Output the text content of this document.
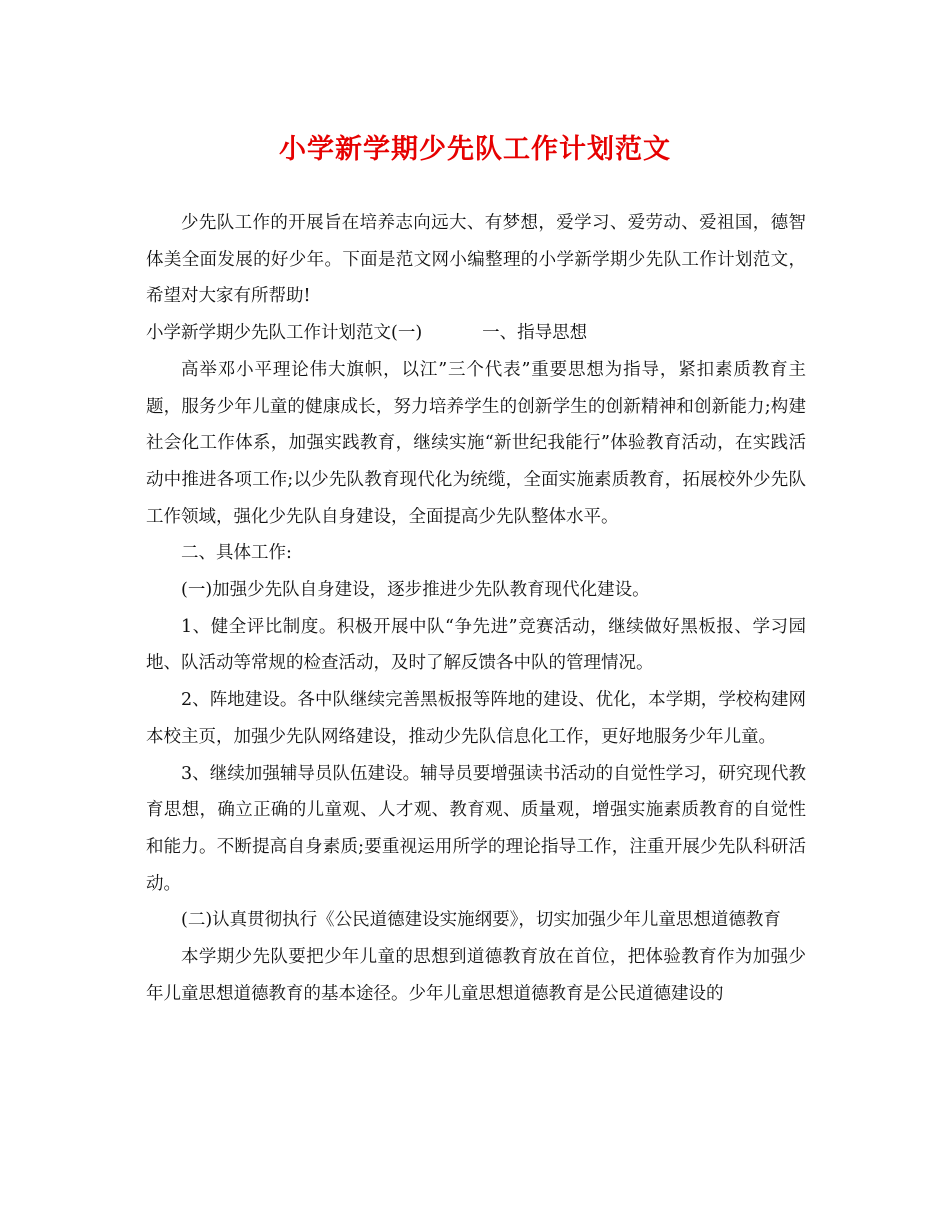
小学新学期少先队工作计划范文

少先队工作的开展旨在培养志向远大、有梦想，爱学习、爱劳动、爱祖国，德智体美全面发展的好少年。下面是范文网小编整理的小学新学期少先队工作计划范文，希望对大家有所帮助!

小学新学期少先队工作计划范文(一)	一、指导思想

高举邓小平理论伟大旗帜，以江”三个代表”重要思想为指导，紧扣素质教育主题，服务少年儿童的健康成长，努力培养学生的创新学生的创新精神和创新能力;构建社会化工作体系，加强实践教育，继续实施“新世纪我能行”体验教育活动，在实践活动中推进各项工作;以少先队教育现代化为统缆，全面实施素质教育，拓展校外少先队工作领域，强化少先队自身建设，全面提高少先队整体水平。

二、具体工作:

(一)加强少先队自身建设，逐步推进少先队教育现代化建设。

1、健全评比制度。积极开展中队“争先进”竞赛活动，继续做好黑板报、学习园地、队活动等常规的检查活动，及时了解反馈各中队的管理情况。

2、阵地建设。各中队继续完善黑板报等阵地的建设、优化，本学期，学校构建网本校主页，加强少先队网络建设，推动少先队信息化工作，更好地服务少年儿童。

3、继续加强辅导员队伍建设。辅导员要增强读书活动的自觉性学习，研究现代教育思想，确立正确的儿童观、人才观、教育观、质量观，增强实施素质教育的自觉性和能力。不断提高自身素质;要重视运用所学的理论指导工作，注重开展少先队科研活动。

(二)认真贯彻执行《公民道德建设实施纲要》，切实加强少年儿童思想道德教育

本学期少先队要把少年儿童的思想到道德教育放在首位，把体验教育作为加强少年儿童思想道德教育的基本途径。少年儿童思想道德教育是公民道德建设的
